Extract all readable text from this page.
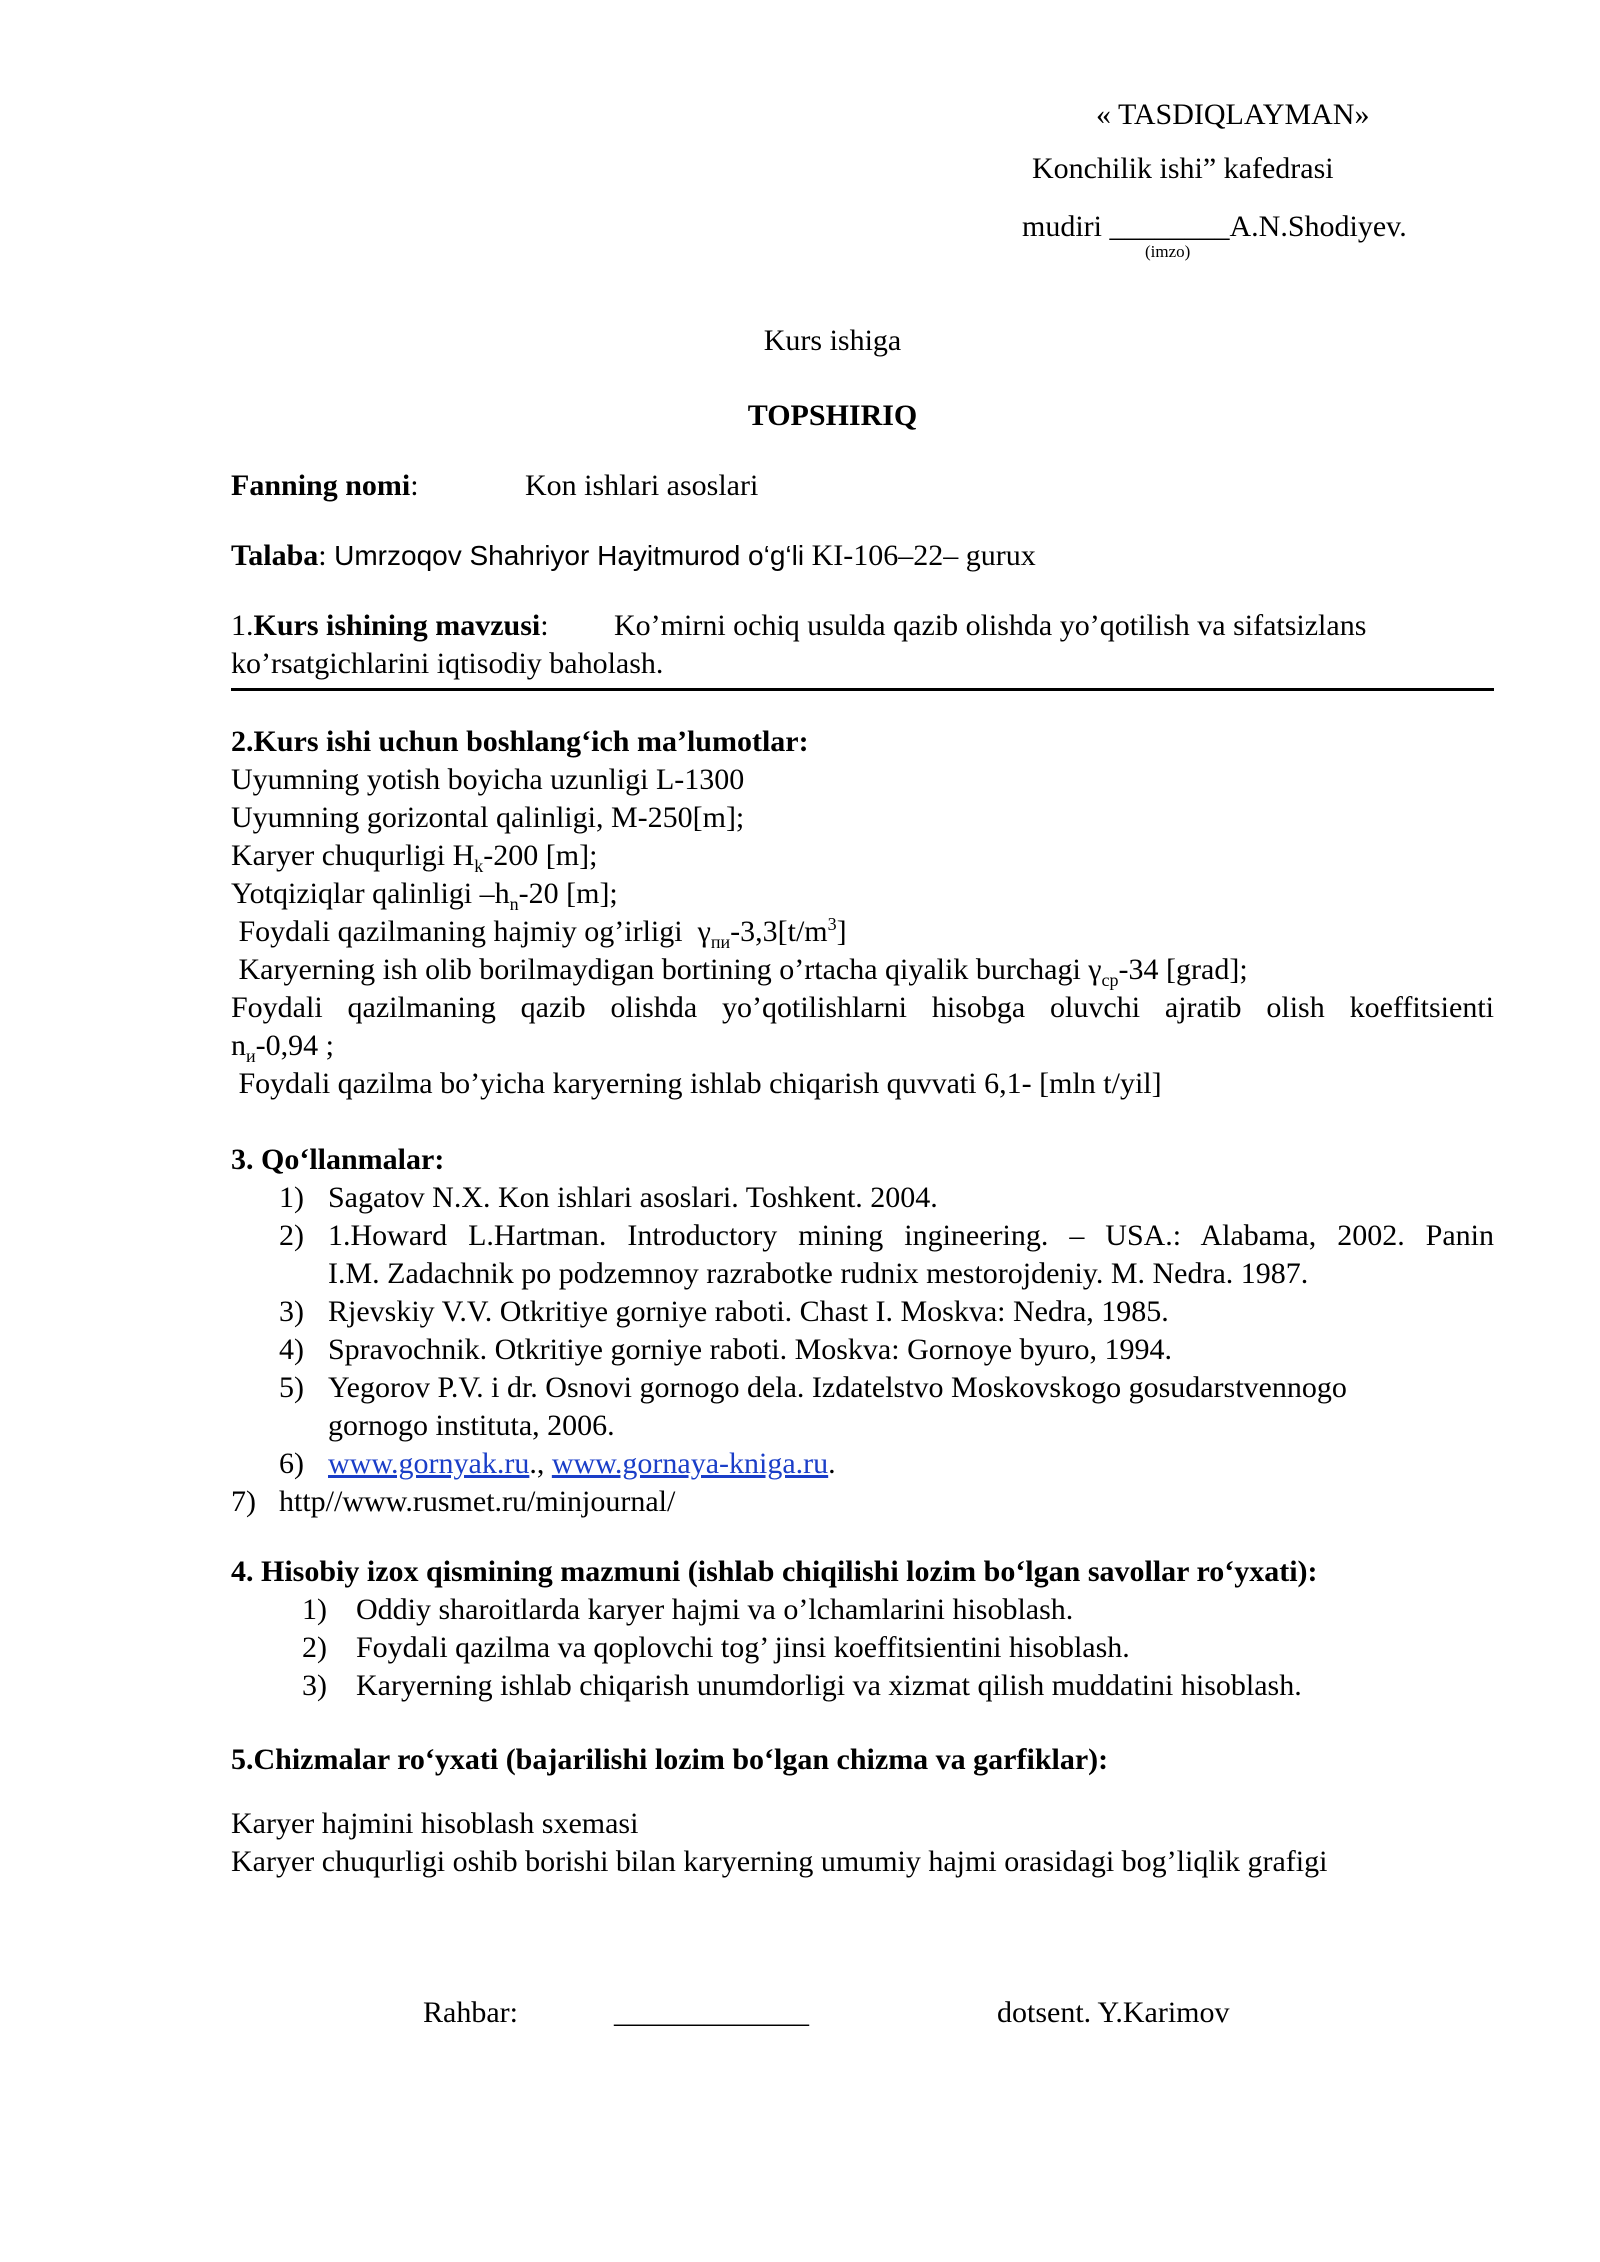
« TASDIQLAYMAN»
Konchilik ishi” kafedrasi
mudiri ________A.N.Shodiyev.
(imzo)
Kurs ishiga
TOPSHIRIQ
Fanning nomi:	Kon ishlari asoslari
Talaba: Umrzoqov Shahriyor Hayitmurod o‘g‘li KI-106–22– gurux
1.Kurs ishining mavzusi: Ko’mirni ochiq usulda qazib olishda yo’qotilish va sifatsizlans
ko’rsatgichlarini iqtisodiy baholash.
2.Kurs ishi uchun boshlang‘ich ma’lumotlar:
Uyumning yotish boyicha uzunligi L-1300
Uyumning gorizontal qalinligi, M-250[m];
Karyer chuqurligi $H_k-200$ [m];
Yotqiziqlar qalinligi $-h_n-20$ [m];
Foydali qazilmaning hajmiy og’irligi  $\gamma_{пи}-3,3[t/m^3]$
Karyerning ish olib borilmaydigan bortining o’rtacha qiyalik burchagi $\gamma_{ср}-34$ [grad];
Foydali qazilmaning qazib olishda yo’qotilishlarni hisobga oluvchi ajratib olish koeffitsienti
$n_и-0,94$ ;
Foydali qazilma bo’yicha karyerning ishlab chiqarish quvvati 6,1- [mln t/yil]
3. Qo‘llanmalar:
1) Sagatov N.X. Kon ishlari asoslari. Toshkent. 2004.
2) 1.Howard L.Hartman. Introductory mining ingineering. – USA.: Alabama, 2002. Panin
I.M. Zadachnik po podzemnoy razrabotke rudnix mestorojdeniy. M. Nedra. 1987.
3) Rjevskiy V.V. Otkritiye gorniye raboti. Chast I. Moskva: Nedra, 1985.
4) Spravochnik. Otkritiye gorniye raboti. Moskva: Gornoye byuro, 1994.
5) Yegorov P.V. i dr. Osnovi gornogo dela. Izdatelstvo Moskovskogo gosudarstvennogo
gornogo instituta, 2006.
6) www.gornyak.ru., www.gornaya-kniga.ru.
7) http//www.rusmet.ru/minjournal/
4. Hisobiy izox qismining mazmuni (ishlab chiqilishi lozim bo‘lgan savollar ro‘yxati):
1) Oddiy sharoitlarda karyer hajmi va o’lchamlarini hisoblash.
2) Foydali qazilma va qoplovchi tog’ jinsi koeffitsientini hisoblash.
3) Karyerning ishlab chiqarish unumdorligi va xizmat qilish muddatini hisoblash.
5.Chizmalar ro‘yxati (bajarilishi lozim bo‘lgan chizma va garfiklar):
Karyer hajmini hisoblash sxemasi
Karyer chuqurligi oshib borishi bilan karyerning umumiy hajmi orasidagi bog’liqlik grafigi
Rahbar:	_____________	dotsent. Y.Karimov
